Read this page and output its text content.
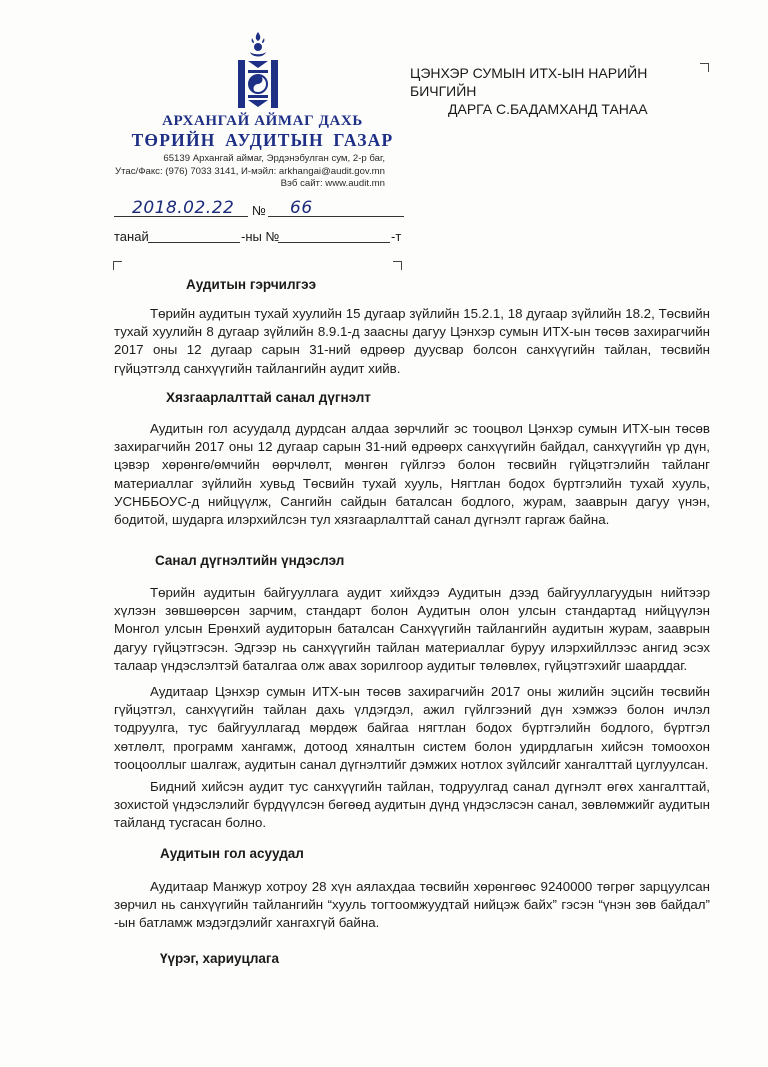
АРХАНГАЙ АЙМАГ ДАХЬ
ТӨРИЙН АУДИТЫН ГАЗАР
65139 Архангай аймаг, Эрдэнэбулган сум, 2-р баг,
Утас/Факс: (976) 7033 3141, И-мэйл: arkhangai@audit.gov.mn
Вэб сайт: www.audit.mn
ЦЭНХЭР СУМЫН ИТХ-ЫН НАРИЙН БИЧГИЙН
ДАРГА С.БАДАМХАНД ТАНАА
2018.02.22 № 66
танай	-ны №	-т
Аудитын гэрчилгээ
Төрийн аудитын тухай хуулийн 15 дугаар зүйлийн 15.2.1, 18 дугаар зүйлийн 18.2, Төсвийн тухай хуулийн 8 дугаар зүйлийн 8.9.1-д заасны дагуу Цэнхэр сумын ИТХ-ын төсөв захирагчийн 2017 оны 12 дугаар сарын 31-ний өдрөөр дуусвар болсон санхүүгийн тайлан, төсвийн гүйцэтгэлд санхүүгийн тайлангийн аудит хийв.
Хязгаарлалттай санал дүгнэлт
Аудитын гол асуудалд дурдсан алдаа зөрчлийг эс тооцвол Цэнхэр сумын ИТХ-ын төсөв захирагчийн 2017 оны 12 дугаар сарын 31-ний өдрөөрх санхүүгийн байдал, санхүүгийн үр дүн, цэвэр хөрөнгө/өмчийн өөрчлөлт, мөнгөн гүйлгээ болон төсвийн гүйцэтгэлийн тайланг материаллаг зүйлийн хувьд Төсвийн тухай хууль, Нягтлан бодох бүртгэлийн тухай хууль, УСНББОУС-д нийцүүлж, Сангийн сайдын баталсан бодлого, журам, зааврын дагуу үнэн, бодитой, шударга илэрхийлсэн тул хязгаарлалттай санал дүгнэлт гаргаж байна.
Санал дүгнэлтийн үндэслэл
Төрийн аудитын байгууллага аудит хийхдээ Аудитын дээд байгууллагуудын нийтээр хүлээн зөвшөөрсөн зарчим, стандарт болон Аудитын олон улсын стандартад нийцүүлэн Монгол улсын Ерөнхий аудиторын баталсан Санхүүгийн тайлангийн аудитын журам, зааврын дагуу гүйцэтгэсэн. Эдгээр нь санхүүгийн тайлан материаллаг буруу илэрхийллээс ангид эсэх талаар үндэслэлтэй баталгаа олж авах зорилгоор аудитыг төлөвлөх, гүйцэтгэхийг шаарддаг.
Аудитаар Цэнхэр сумын ИТХ-ын төсөв захирагчийн 2017 оны жилийн эцсийн төсвийн гүйцэтгэл, санхүүгийн тайлан дахь үлдэгдэл, ажил гүйлгээний дүн хэмжээ болон ичлэл тодруулга, тус байгууллагад мөрдөж байгаа нягтлан бодох бүртгэлийн бодлого, бүртгэл хөтлөлт, программ хангамж, дотоод хяналтын систем болон удирдлагын хийсэн томоохон тооцооллыг шалгаж, аудитын санал дүгнэлтийг дэмжих нотлох зүйлсийг хангалттай цуглуулсан.
Бидний хийсэн аудит тус санхүүгийн тайлан, тодруулгад санал дүгнэлт өгөх хангалттай, зохистой үндэслэлийг бүрдүүлсэн бөгөөд аудитын дүнд үндэслэсэн санал, зөвлөмжийг аудитын тайланд тусгасан болно.
Аудитын гол асуудал
Аудитаар Манжур хотроу 28 хүн аялахдаа төсвийн хөрөнгөөс 9240000 төгрөг зарцуулсан зөрчил нь санхүүгийн тайлангийн “хууль тогтоомжуудтай нийцэж байх” гэсэн “үнэн зөв байдал” -ын батламж мэдэгдэлийг хангахгүй байна.
Үүрэг, хариуцлага
